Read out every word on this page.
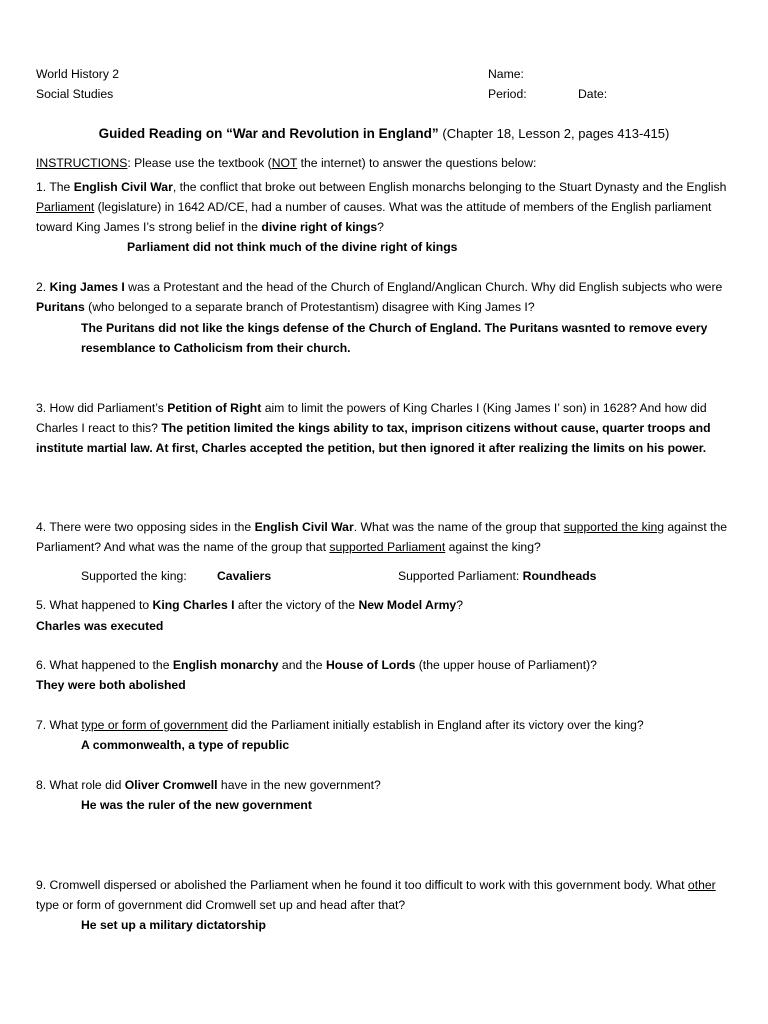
World History 2
Social Studies
Name:
Period:	Date:
Guided Reading on “War and Revolution in England” (Chapter 18, Lesson 2, pages 413-415)
INSTRUCTIONS: Please use the textbook (NOT the internet) to answer the questions below:
1. The English Civil War, the conflict that broke out between English monarchs belonging to the Stuart Dynasty and the English Parliament (legislature) in 1642 AD/CE, had a number of causes. What was the attitude of members of the English parliament toward King James I’s strong belief in the divine right of kings?
Parliament did not think much of the divine right of kings
2. King James I was a Protestant and the head of the Church of England/Anglican Church. Why did English subjects who were Puritans (who belonged to a separate branch of Protestantism) disagree with King James I?
The Puritans did not like the kings defense of the Church of England. The Puritans wasnted to remove every resemblance to Catholicism from their church.
3. How did Parliament’s Petition of Right aim to limit the powers of King Charles I (King James I’ son) in 1628? And how did Charles I react to this? The petition limited the kings ability to tax, imprison citizens without cause, quarter troops and institute martial law. At first, Charles accepted the petition, but then ignored it after realizing the limits on his power.
4. There were two opposing sides in the English Civil War. What was the name of the group that supported the king against the Parliament? And what was the name of the group that supported Parliament against the king?
Supported the king: Cavaliers	Supported Parliament: Roundheads
5. What happened to King Charles I after the victory of the New Model Army?
Charles was executed
6. What happened to the English monarchy and the House of Lords (the upper house of Parliament)?
They were both abolished
7. What type or form of government did the Parliament initially establish in England after its victory over the king?
A commonwealth, a type of republic
8. What role did Oliver Cromwell have in the new government?
He was the ruler of the new government
9. Cromwell dispersed or abolished the Parliament when he found it too difficult to work with this government body. What other type or form of government did Cromwell set up and head after that?
He set up a military dictatorship
